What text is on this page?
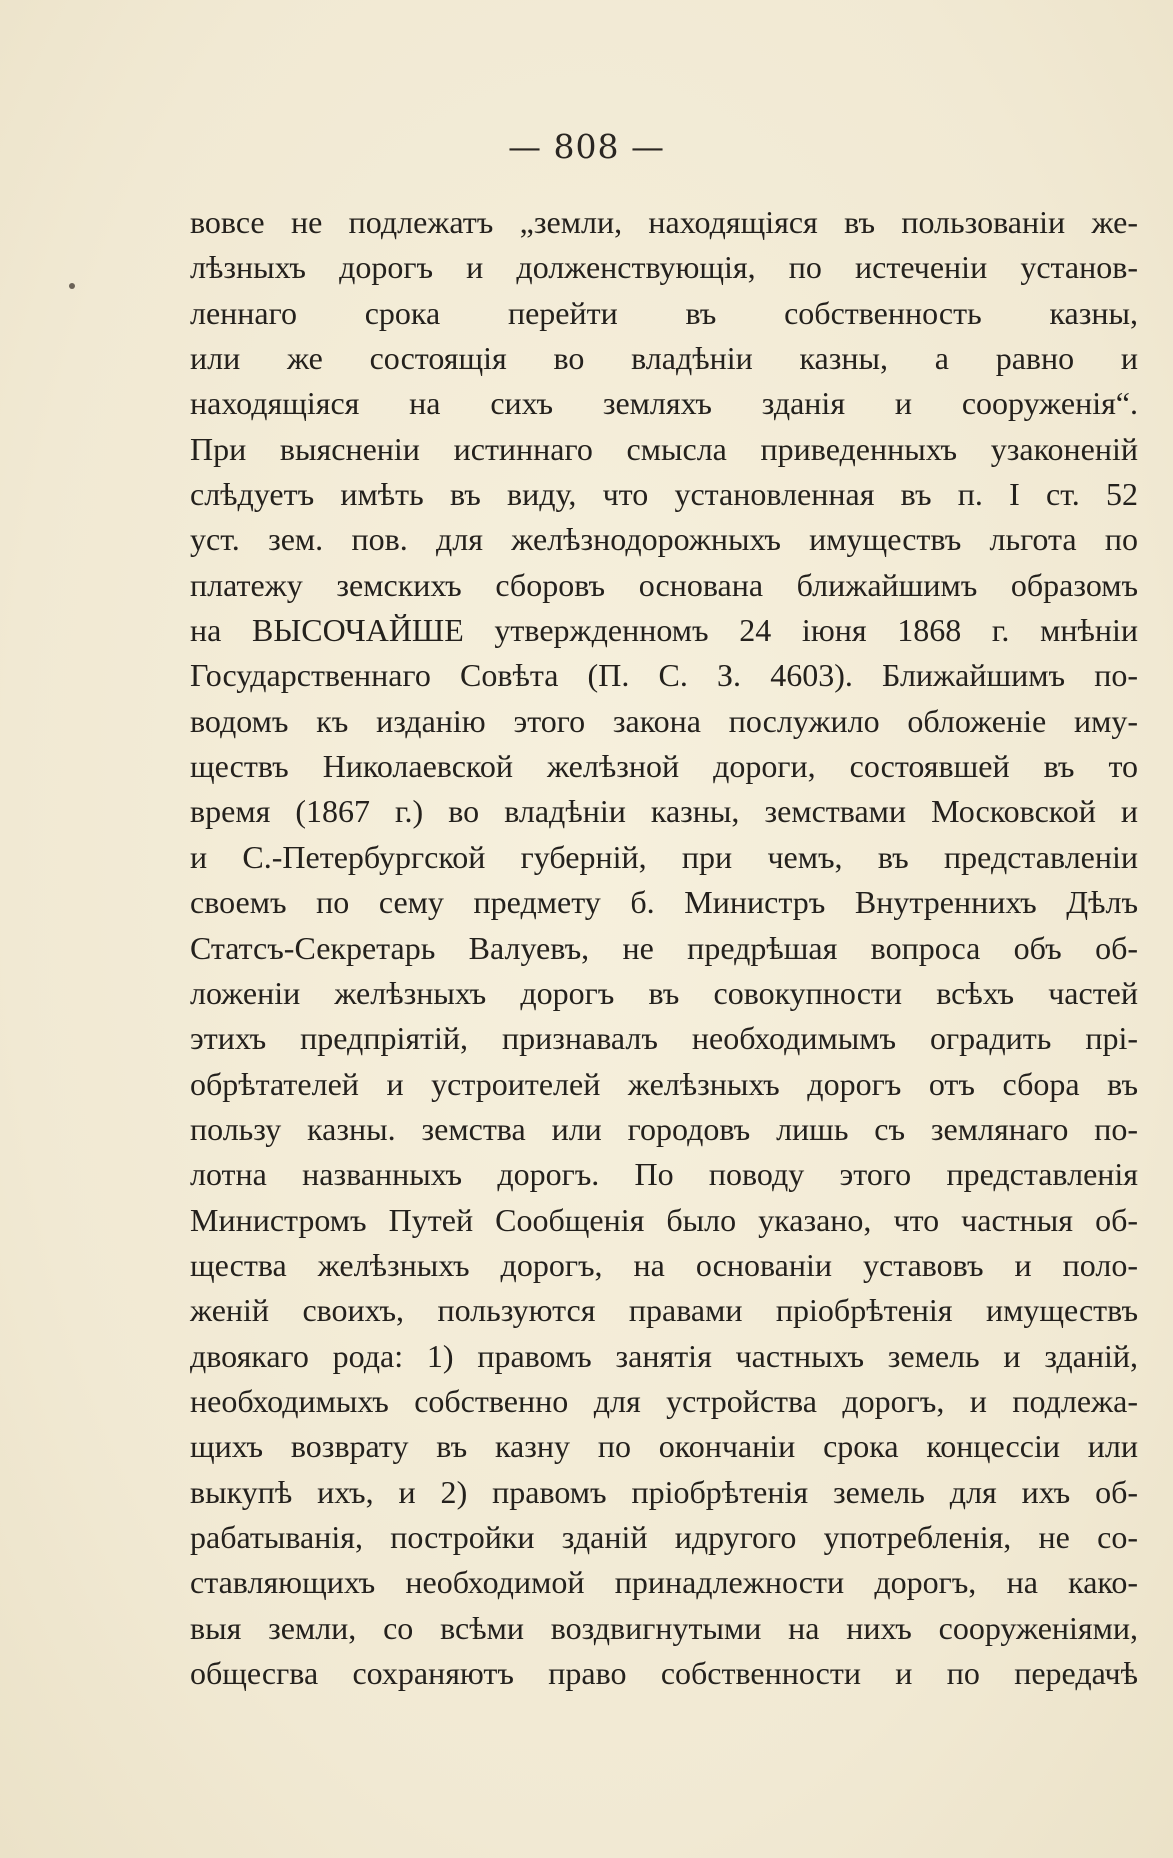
— 808 —
вовсе не подлежатъ „земли, находящіяся въ пользованіи же-
лѣзныхъ дорогъ и долженствующія, по истеченіи установ-
леннаго срока перейти въ собственность казны,
или же состоящія во владѣніи казны, а равно и
находящіяся на сихъ земляхъ зданія и сооруженія“.
При выясненіи истиннаго смысла приведенныхъ узаконеній
слѣдуетъ имѣть въ виду, что установленная въ п. I ст. 52
уст. зем. пов. для желѣзнодорожныхъ имуществъ льгота по
платежу земскихъ сборовъ основана ближайшимъ образомъ
на ВЫСОЧАЙШЕ утвержденномъ 24 іюня 1868 г. мнѣніи
Государственнаго Совѣта (П. С. З. 4603). Ближайшимъ по-
водомъ къ изданію этого закона послужило обложеніе иму-
ществъ Николаевской желѣзной дороги, состоявшей въ то
время (1867 г.) во владѣніи казны, земствами Московской и
и С.-Петербургской губерній, при чемъ, въ представленіи
своемъ по сему предмету б. Министръ Внутреннихъ Дѣлъ
Статсъ-Секретарь Валуевъ, не предрѣшая вопроса объ об-
ложеніи желѣзныхъ дорогъ въ совокупности всѣхъ частей
этихъ предпріятій, признавалъ необходимымъ оградить прі-
обрѣтателей и устроителей желѣзныхъ дорогъ отъ сбора въ
пользу казны. земства или городовъ лишь съ землянаго по-
лотна названныхъ дорогъ. По поводу этого представленія
Министромъ Путей Сообщенія было указано, что частныя об-
щества желѣзныхъ дорогъ, на основаніи уставовъ и поло-
женій своихъ, пользуются правами пріобрѣтенія имуществъ
двоякаго рода: 1) правомъ занятія частныхъ земель и зданій,
необходимыхъ собственно для устройства дорогъ, и подлежа-
щихъ возврату въ казну по окончаніи срока концессіи или
выкупѣ ихъ, и 2) правомъ пріобрѣтенія земель для ихъ об-
рабатыванія, постройки зданій идругого употребленія, не со-
ставляющихъ необходимой принадлежности дорогъ, на како-
выя земли, со всѣми воздвигнутыми на нихъ сооруженіями,
общесгва сохраняютъ право собственности и по передачѣ
